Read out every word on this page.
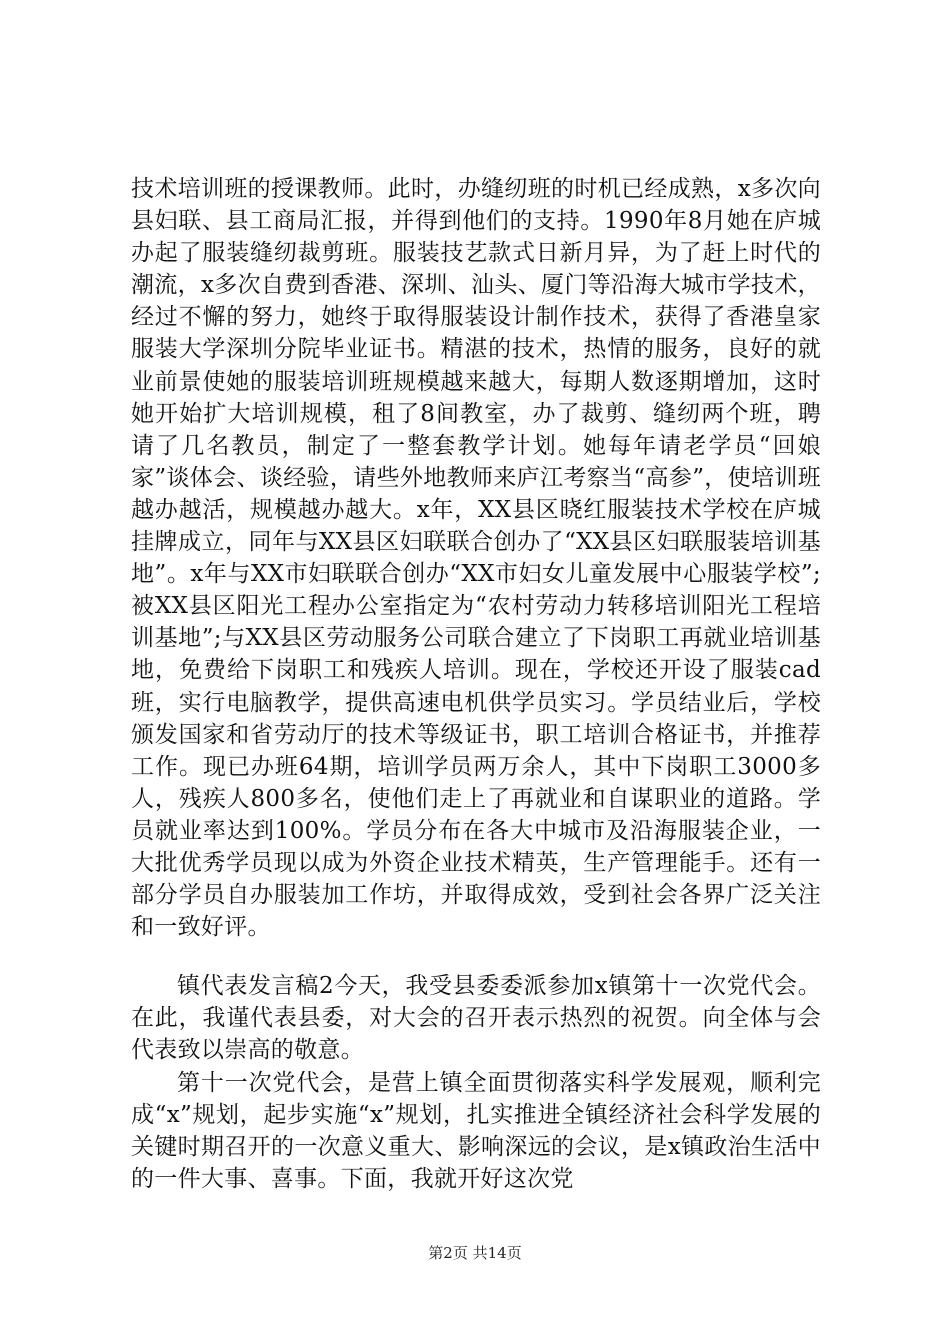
技术培训班的授课教师。此时，办缝纫班的时机已经成熟，x多次向县妇联、县工商局汇报，并得到他们的支持。1990年8月她在庐城办起了服装缝纫裁剪班。服装技艺款式日新月异，为了赶上时代的潮流，x多次自费到香港、深圳、汕头、厦门等沿海大城市学技术，经过不懈的努力，她终于取得服装设计制作技术，获得了香港皇家服装大学深圳分院毕业证书。精湛的技术，热情的服务，良好的就业前景使她的服装培训班规模越来越大，每期人数逐期增加，这时她开始扩大培训规模，租了8间教室，办了裁剪、缝纫两个班，聘请了几名教员，制定了一整套教学计划。她每年请老学员“回娘家”谈体会、谈经验，请些外地教师来庐江考察当“高参”，使培训班越办越活，规模越办越大。x年，XX县区晓红服装技术学校在庐城挂牌成立，同年与XX县区妇联联合创办了“XX县区妇联服装培训基地”。x年与XX市妇联联合创办“XX市妇女儿童发展中心服装学校”;被XX县区阳光工程办公室指定为“农村劳动力转移培训阳光工程培训基地”;与XX县区劳动服务公司联合建立了下岗职工再就业培训基地，免费给下岗职工和残疾人培训。现在，学校还开设了服装cad班，实行电脑教学，提供高速电机供学员实习。学员结业后，学校颁发国家和省劳动厅的技术等级证书，职工培训合格证书，并推荐工作。现已办班64期，培训学员两万余人，其中下岗职工3000多人，残疾人800多名，使他们走上了再就业和自谋职业的道路。学员就业率达到100%。学员分布在各大中城市及沿海服装企业，一大批优秀学员现以成为外资企业技术精英，生产管理能手。还有一部分学员自办服装加工作坊，并取得成效，受到社会各界广泛关注和一致好评。

镇代表发言稿2今天，我受县委委派参加x镇第十一次党代会。在此，我谨代表县委，对大会的召开表示热烈的祝贺。向全体与会代表致以崇高的敬意。

第十一次党代会，是营上镇全面贯彻落实科学发展观，顺利完成“x”规划，起步实施“x”规划，扎实推进全镇经济社会科学发展的关键时期召开的一次意义重大、影响深远的会议，是x镇政治生活中的一件大事、喜事。下面，我就开好这次党

第2页 共14页
